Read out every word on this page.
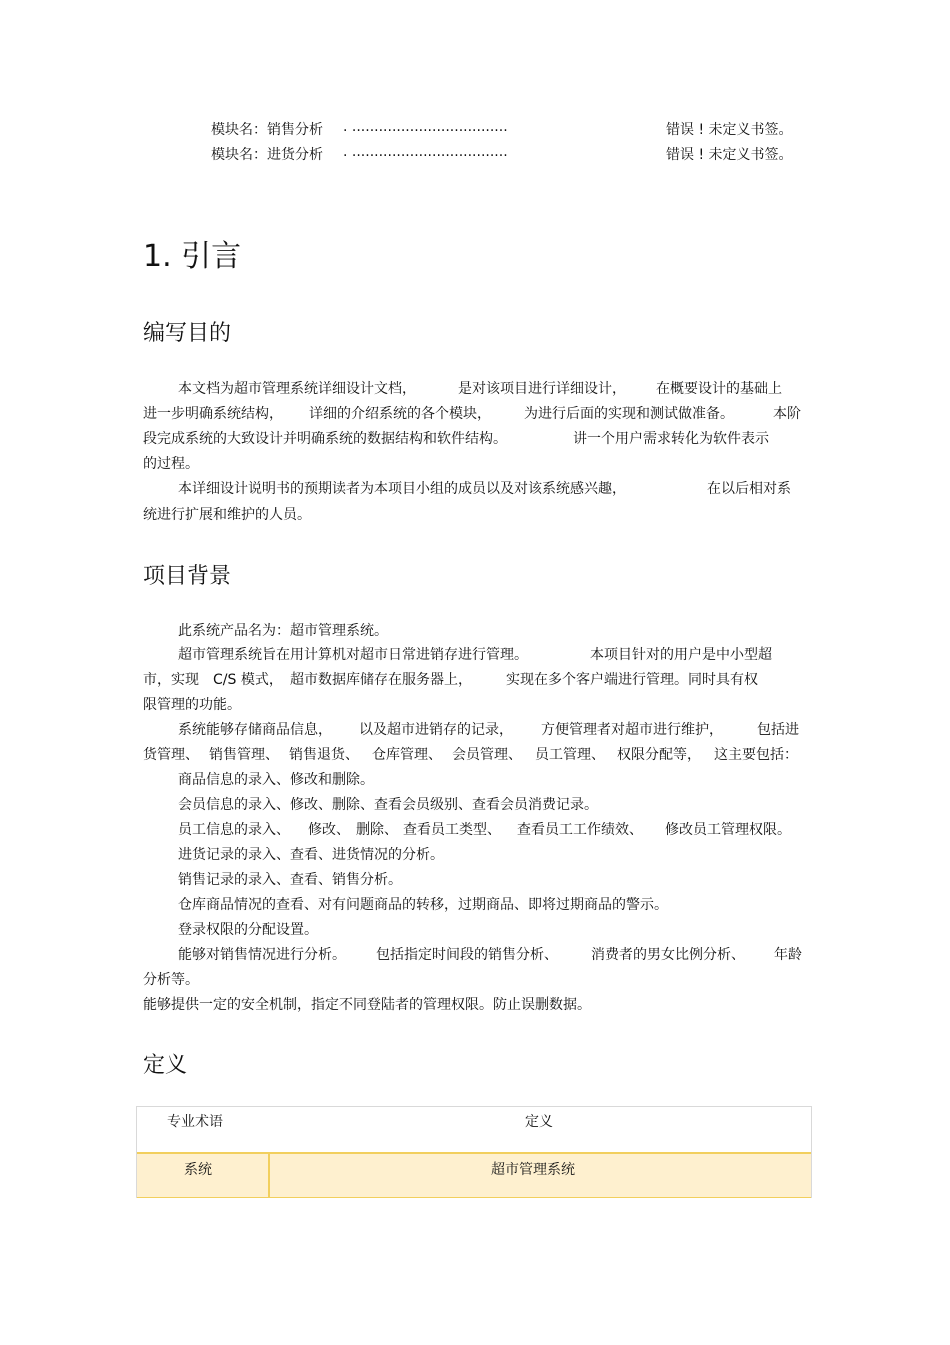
模块名：销售分析 . ...................................	错误 ! 未定义书签。
模块名：进货分析 . ...................................	错误 ! 未定义书签。
1. 引言
编写目的
本文档为超市管理系统详细设计文档，	是对该项目进行详细设计， 在概要设计的基础上
进一步明确系统结构， 详细的介绍系统的各个模块， 为进行后面的实现和测试做准备。	本阶
段完成系统的大致设计并明确系统的数据结构和软件结构。	讲一个用户需求转化为软件表示
的过程。
本详细设计说明书的预期读者为本项目小组的成员以及对该系统感兴趣，	在以后相对系
统进行扩展和维护的人员。
项目背景
此系统产品名为：超市管理系统。
超市管理系统旨在用计算机对超市日常进销存进行管理。	本项目针对的用户是中小型超
市，实现 C/S 模式， 超市数据库储存在服务器上， 实现在多个客户端进行管理。同时具有权
限管理的功能。
系统能够存储商品信息， 以及超市进销存的记录， 方便管理者对超市进行维护， 包括进
货管理、 销售管理、 销售退货、 仓库管理、 会员管理、 员工管理、 权限分配等， 这主要包括：
商品信息的录入、修改和删除。
会员信息的录入、修改、删除、查看会员级别、查看会员消费记录。
员工信息的录入、 修改、 删除、 查看员工类型、 查看员工工作绩效、 修改员工管理权限。
进货记录的录入、查看、进货情况的分析。
销售记录的录入、查看、销售分析。
仓库商品情况的查看、对有问题商品的转移，过期商品、即将过期商品的警示。
登录权限的分配设置。
能够对销售情况进行分析。 包括指定时间段的销售分析、 消费者的男女比例分析、 年龄
分析等。
能够提供一定的安全机制，指定不同登陆者的管理权限。防止误删数据。
定义
专业术语	定义
系统	超市管理系统
